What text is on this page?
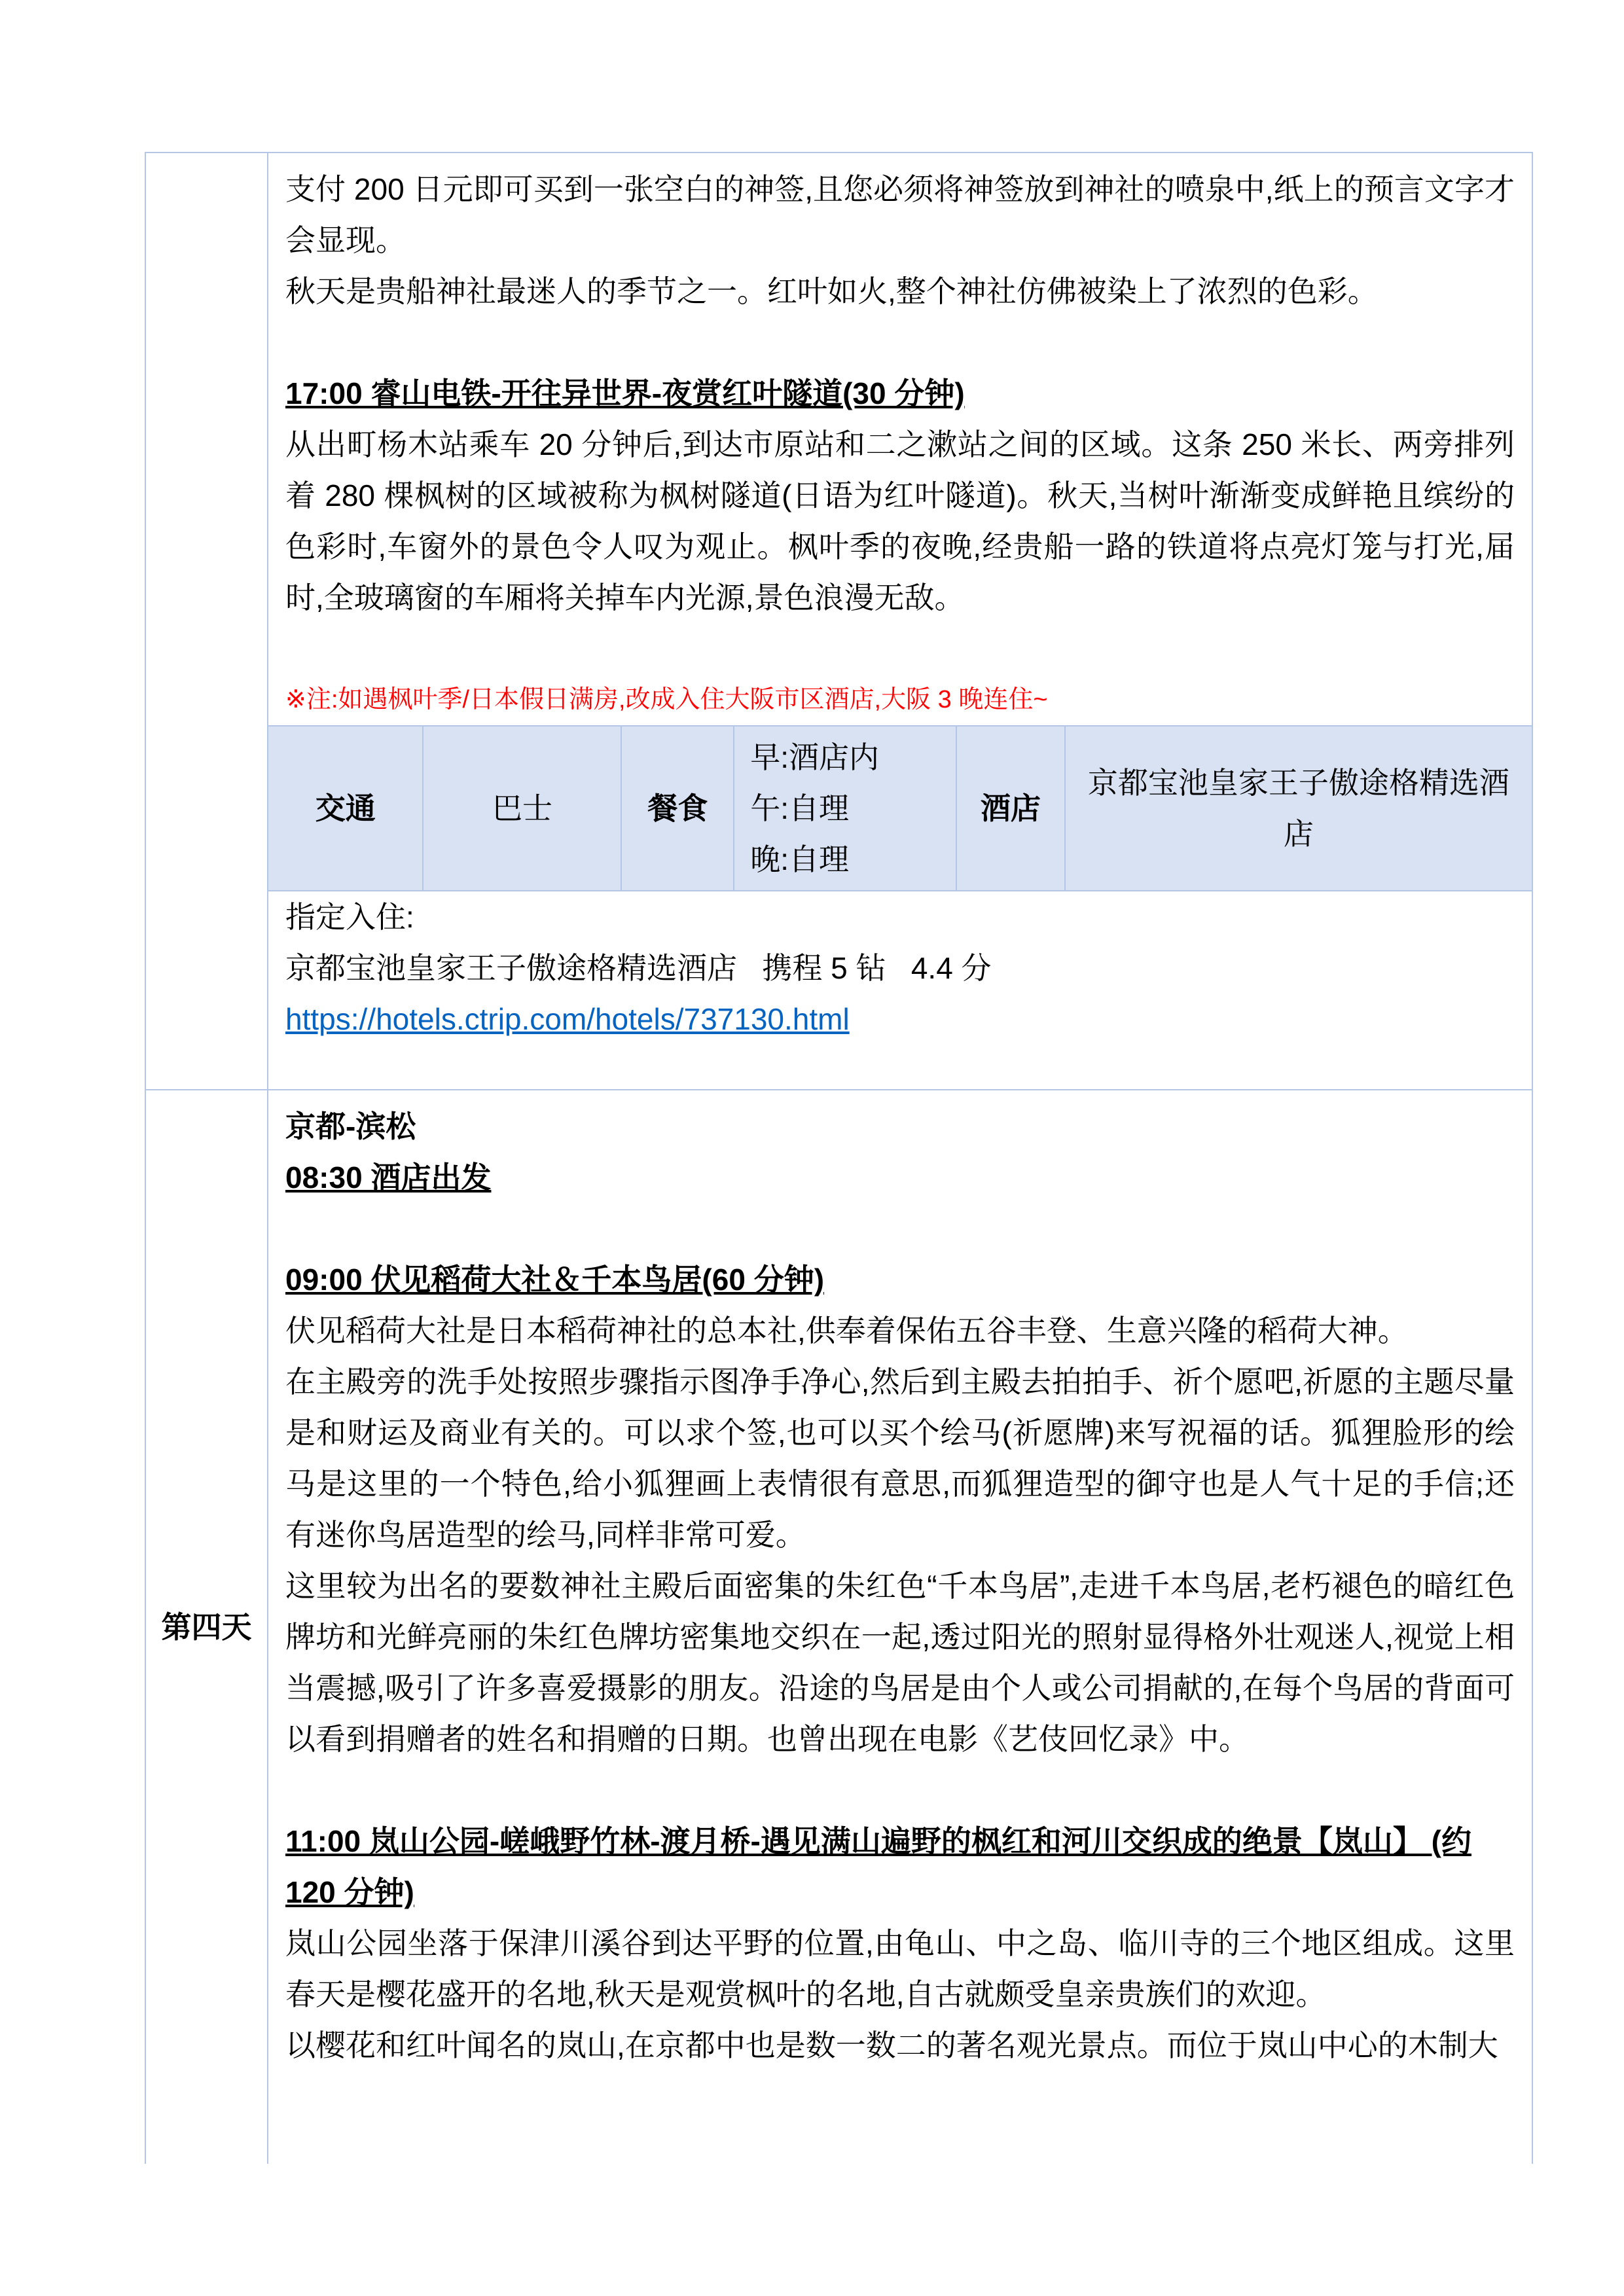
支付 200 日元即可买到一张空白的神签,且您必须将神签放到神社的喷泉中,纸上的预言文字才会显现。
秋天是贵船神社最迷人的季节之一。红叶如火,整个神社仿佛被染上了浓烈的色彩。
17:00 睿山电铁-开往异世界-夜赏红叶隧道(30 分钟)
从出町杨木站乘车 20 分钟后,到达市原站和二之漱站之间的区域。这条 250 米长、两旁排列着 280 棵枫树的区域被称为枫树隧道(日语为红叶隧道)。秋天,当树叶渐渐变成鲜艳且缤纷的色彩时,车窗外的景色令人叹为观止。枫叶季的夜晚,经贵船一路的铁道将点亮灯笼与打光,届时,全玻璃窗的车厢将关掉车内光源,景色浪漫无敌。
※注:如遇枫叶季/日本假日满房,改成入住大阪市区酒店,大阪 3 晚连住~
交通	巴士	餐食
早:酒店内
午:自理
晚:自理
酒店
京都宝池皇家王子傲途格精选酒店
指定入住:
京都宝池皇家王子傲途格精选酒店   携程 5 钻   4.4 分
https://hotels.ctrip.com/hotels/737130.html
第四天
京都-滨松
08:30 酒店出发
09:00 伏见稻荷大社＆千本鸟居(60 分钟)
伏见稻荷大社是日本稻荷神社的总本社,供奉着保佑五谷丰登、生意兴隆的稻荷大神。
在主殿旁的洗手处按照步骤指示图净手净心,然后到主殿去拍拍手、祈个愿吧,祈愿的主题尽量是和财运及商业有关的。可以求个签,也可以买个绘马(祈愿牌)来写祝福的话。狐狸脸形的绘马是这里的一个特色,给小狐狸画上表情很有意思,而狐狸造型的御守也是人气十足的手信;还有迷你鸟居造型的绘马,同样非常可爱。
这里较为出名的要数神社主殿后面密集的朱红色“千本鸟居”,走进千本鸟居,老朽褪色的暗红色牌坊和光鲜亮丽的朱红色牌坊密集地交织在一起,透过阳光的照射显得格外壮观迷人,视觉上相当震撼,吸引了许多喜爱摄影的朋友。沿途的鸟居是由个人或公司捐献的,在每个鸟居的背面可以看到捐赠者的姓名和捐赠的日期。也曾出现在电影《艺伎回忆录》中。
11:00 岚山公园-嵯峨野竹林-渡月桥-遇见满山遍野的枫红和河川交织成的绝景【岚山】 (约 120 分钟)
岚山公园坐落于保津川溪谷到达平野的位置,由龟山、中之岛、临川寺的三个地区组成。这里春天是樱花盛开的名地,秋天是观赏枫叶的名地,自古就颇受皇亲贵族们的欢迎。
以樱花和红叶闻名的岚山,在京都中也是数一数二的著名观光景点。而位于岚山中心的木制大
